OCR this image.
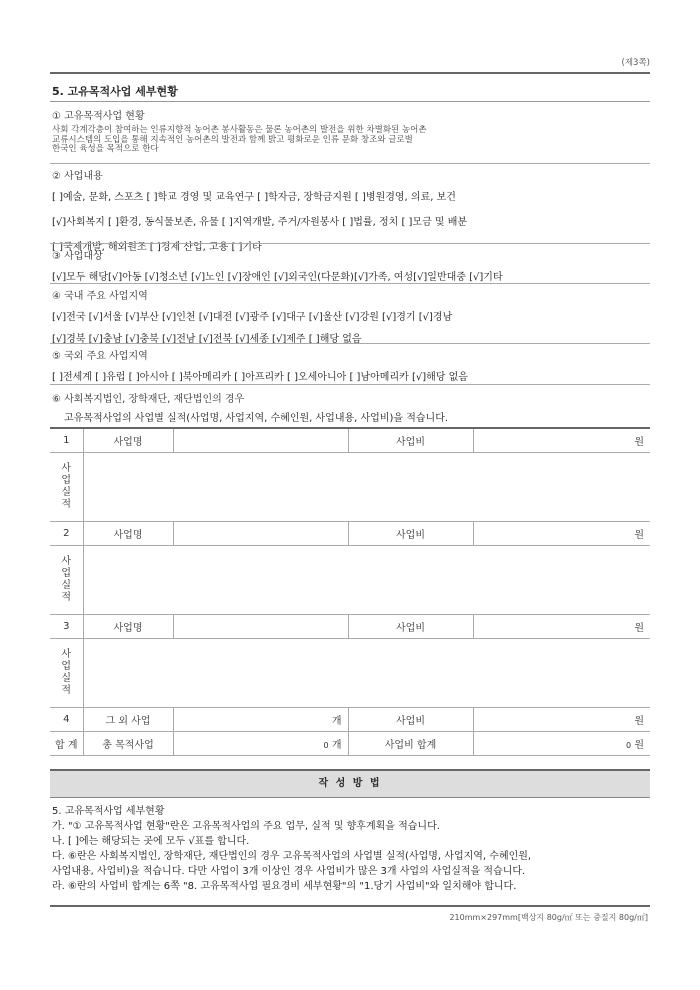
(제3쪽)
5. 고유목적사업 세부현황
① 고유목적사업 현황
사회 각계각층이 참여하는 인류지향적 농어촌 봉사활동은 물론 농어촌의 발전을 위한 차별화된 농어촌
교류시스템의 도입을 통해 지속적인 농어촌의 발전과 함께 밝고 평화로운 인류 문화 창조와 글로벌
한국인 육성을 목적으로 한다
② 사업내용
[ ]예술, 문화, 스포츠 [ ]학교 경영 및 교육연구 [ ]학자금, 장학금지원 [ ]병원경영, 의료, 보건
[√]사회복지 [ ]환경, 동식물보존, 유물 [ ]지역개발, 주거/자원봉사 [ ]법률, 정치 [ ]모금 및 배분
[ ]국제개발, 해외원조 [ ]경제 산업, 고용 [ ]기타
③ 사업대상
[√]모두 해당[√]아동 [√]청소년 [√]노인 [√]장애인 [√]외국인(다문화)[√]가족, 여성[√]일반대중 [√]기타
④ 국내 주요 사업지역
[√]전국 [√]서울 [√]부산 [√]인천 [√]대전 [√]광주 [√]대구 [√]울산 [√]강원 [√]경기 [√]경남
[√]경북 [√]충남 [√]충북 [√]전남 [√]전북 [√]세종 [√]제주 [ ]해당 없음
⑤ 국외 주요 사업지역
[ ]전세계 [ ]유럽 [ ]아시아 [ ]북아메리카 [ ]아프리카 [ ]오세아니아 [ ]남아메리카 [√]해당 없음
⑥ 사회복지법인, 장학재단, 재단법인의 경우
고유목적사업의 사업별 실적(사업명, 사업지역, 수혜인원, 사업내용, 사업비)을 적습니다.
1	사업명		사업비	원
사업 실적				
2	사업명		사업비	원
사업 실적				
3	사업명		사업비	원
사업 실적				
4	그 외 사업	개	사업비	원
합 계	총 목적사업	0 개	사업비 합계	0 원
작 성 방 법
5. 고유목적사업 세부현황
가. "① 고유목적사업 현황"란은 고유목적사업의 주요 업무, 실적 및 향후계획을 적습니다.
나. [ ]에는 해당되는 곳에 모두 √표를 합니다.
다. ⑥란은 사회복지법인, 장학재단, 재단법인의 경우 고유목적사업의 사업별 실적(사업명, 사업지역, 수혜인원,
사업내용, 사업비)을 적습니다. 다만 사업이 3개 이상인 경우 사업비가 많은 3개 사업의 사업실적을 적습니다.
라. ⑥란의 사업비 합계는 6쪽 "8. 고유목적사업 필요경비 세부현황"의 "1.당기 사업비"와 일치해야 합니다.
210mm×297mm[백상지 80g/㎡ 또는 중질지 80g/㎡]
